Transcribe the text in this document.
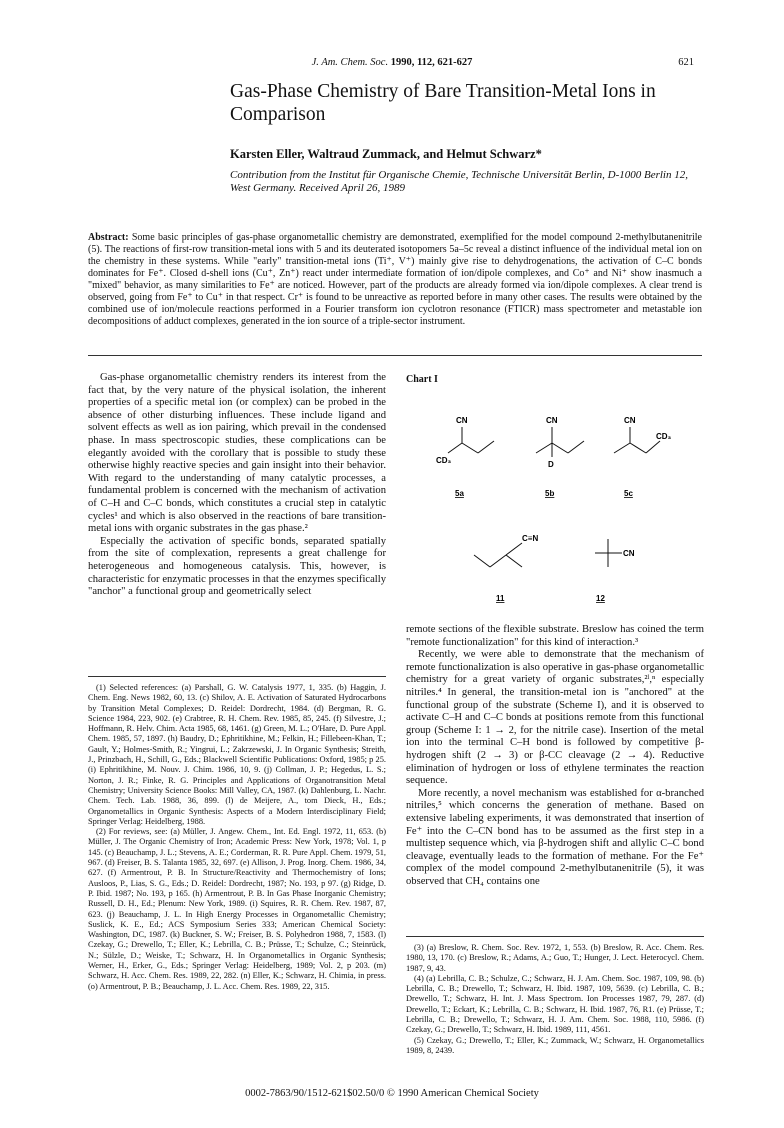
J. Am. Chem. Soc. 1990, 112, 621-627	621
Gas-Phase Chemistry of Bare Transition-Metal Ions in Comparison
Karsten Eller, Waltraud Zummack, and Helmut Schwarz*
Contribution from the Institut für Organische Chemie, Technische Universität Berlin, D-1000 Berlin 12, West Germany. Received April 26, 1989
Abstract: Some basic principles of gas-phase organometallic chemistry are demonstrated, exemplified for the model compound 2-methylbutanenitrile (5). The reactions of first-row transition-metal ions with 5 and its deuterated isotopomers 5a–5c reveal a distinct influence of the individual metal ion on the chemistry in these systems. While "early" transition-metal ions (Ti⁺, V⁺) mainly give rise to dehydrogenations, the activation of C–C bonds dominates for Fe⁺. Closed d-shell ions (Cu⁺, Zn⁺) react under intermediate formation of ion/dipole complexes, and Co⁺ and Ni⁺ show inasmuch a "mixed" behavior, as many similarities to Fe⁺ are noticed. However, part of the products are already formed via ion/dipole complexes. A clear trend is observed, going from Fe⁺ to Cu⁺ in that respect. Cr⁺ is found to be unreactive as reported before in many other cases. The results were obtained by the combined use of ion/molecule reactions performed in a Fourier transform ion cyclotron resonance (FTICR) mass spectrometer and metastable ion decompositions of adduct complexes, generated in the ion source of a triple-sector instrument.

Gas-phase organometallic chemistry renders its interest from the fact that, by the very nature of the physical isolation, the inherent properties of a specific metal ion (or complex) can be probed in the absence of other disturbing influences. These include ligand and solvent effects as well as ion pairing, which prevail in the condensed phase. In mass spectroscopic studies, these complications can be elegantly avoided with the corollary that is possible to study these otherwise highly reactive species and gain insight into their behavior. With regard to the understanding of many catalytic processes, a fundamental problem is concerned with the mechanism of activation of C–H and C–C bonds, which constitutes a crucial step in catalytic cycles¹ and which is also observed in the reactions of bare transition-metal ions with organic substrates in the gas phase.²

Especially the activation of specific bonds, separated spatially from the site of complexation, represents a great challenge for heterogeneous and homogeneous catalysis. This, however, is characteristic for enzymatic processes in that the enzymes specifically "anchor" a functional group and geometrically select

(1) Selected references: (a) Parshall, G. W. Catalysis 1977, 1, 335. (b) Haggin, J. Chem. Eng. News 1982, 60, 13. (c) Shilov, A. E. Activation of Saturated Hydrocarbons by Transition Metal Complexes; D. Reidel: Dordrecht, 1984. (d) Bergman, R. G. Science 1984, 223, 902. (e) Crabtree, R. H. Chem. Rev. 1985, 85, 245. (f) Silvestre, J.; Hoffmann, R. Helv. Chim. Acta 1985, 68, 1461. (g) Green, M. L.; O'Hare, D. Pure Appl. Chem. 1985, 57, 1897. (h) Baudry, D.; Ephritikhine, M.; Felkin, H.; Fillebeen-Khan, T.; Gault, Y.; Holmes-Smith, R.; Yingrui, L.; Zakrzewski, J. In Organic Synthesis; Streith, J., Prinzbach, H., Schill, G., Eds.; Blackwell Scientific Publications: Oxford, 1985; p 25. (i) Ephritikhine, M. Nouv. J. Chim. 1986, 10, 9. (j) Collman, J. P.; Hegedus, L. S.; Norton, J. R.; Finke, R. G. Principles and Applications of Organotransition Metal Chemistry; University Science Books: Mill Valley, CA, 1987. (k) Dahlenburg, L. Nachr. Chem. Tech. Lab. 1988, 36, 899. (l) de Meijere, A., tom Dieck, H., Eds.; Organometallics in Organic Synthesis: Aspects of a Modern Interdisciplinary Field; Springer Verlag: Heidelberg, 1988.

(2) For reviews, see: (a) Müller, J. Angew. Chem., Int. Ed. Engl. 1972, 11, 653. (b) Müller, J. The Organic Chemistry of Iron; Academic Press: New York, 1978; Vol. 1, p 145. (c) Beauchamp, J. L.; Stevens, A. E.; Corderman, R. R. Pure Appl. Chem. 1979, 51, 967. (d) Freiser, B. S. Talanta 1985, 32, 697. (e) Allison, J. Prog. Inorg. Chem. 1986, 34, 627. (f) Armentrout, P. B. In Structure/Reactivity and Thermochemistry of Ions; Ausloos, P., Lias, S. G., Eds.; D. Reidel: Dordrecht, 1987; No. 193, p 97. (g) Ridge, D. P. Ibid. 1987; No. 193, p 165. (h) Armentrout, P. B. In Gas Phase Inorganic Chemistry; Russell, D. H., Ed.; Plenum: New York, 1989. (i) Squires, R. R. Chem. Rev. 1987, 87, 623. (j) Beauchamp, J. L. In High Energy Processes in Organometallic Chemistry; Suslick, K. E., Ed.; ACS Symposium Series 333; American Chemical Society: Washington, DC, 1987. (k) Buckner, S. W.; Freiser, B. S. Polyhedron 1988, 7, 1583. (l) Czekay, G.; Drewello, T.; Eller, K.; Lebrilla, C. B.; Prüsse, T.; Schulze, C.; Steinrück, N.; Sülzle, D.; Weiske, T.; Schwarz, H. In Organometallics in Organic Synthesis; Werner, H., Erker, G., Eds.; Springer Verlag: Heidelberg, 1989; Vol. 2, p 203. (m) Schwarz, H. Acc. Chem. Res. 1989, 22, 282. (n) Eller, K.; Schwarz, H. Chimia, in press. (o) Armentrout, P. B.; Beauchamp, J. L. Acc. Chem. Res. 1989, 22, 315.

Chart I
CN
CD₃
CN
D
CN
CD₃
5a	5b	5c
C≡N
CN
11	12

remote sections of the flexible substrate. Breslow has coined the term "remote functionalization" for this kind of interaction.³

Recently, we were able to demonstrate that the mechanism of remote functionalization is also operative in gas-phase organometallic chemistry for a great variety of organic substrates,²ˡ,ⁿ especially nitriles.⁴ In general, the transition-metal ion is "anchored" at the functional group of the substrate (Scheme I), and it is observed to activate C–H and C–C bonds at positions remote from this functional group (Scheme I: 1 → 2, for the nitrile case). Insertion of the metal ion into the terminal C–H bond is followed by competitive β-hydrogen shift (2 → 3) or β-CC cleavage (2 → 4). Reductive elimination of hydrogen or loss of ethylene terminates the reaction sequence.

More recently, a novel mechanism was established for α-branched nitriles,⁵ which concerns the generation of methane. Based on extensive labeling experiments, it was demonstrated that insertion of Fe⁺ into the C–CN bond has to be assumed as the first step in a multistep sequence which, via β-hydrogen shift and allylic C–C bond cleavage, eventually leads to the formation of methane. For the Fe⁺ complex of the model compound 2-methylbutanenitrile (5), it was observed that CH₄ contains one

(3) (a) Breslow, R. Chem. Soc. Rev. 1972, 1, 553. (b) Breslow, R. Acc. Chem. Res. 1980, 13, 170. (c) Breslow, R.; Adams, A.; Guo, T.; Hunger, J. Lect. Heterocycl. Chem. 1987, 9, 43.

(4) (a) Lebrilla, C. B.; Schulze, C.; Schwarz, H. J. Am. Chem. Soc. 1987, 109, 98. (b) Lebrilla, C. B.; Drewello, T.; Schwarz, H. Ibid. 1987, 109, 5639. (c) Lebrilla, C. B.; Drewello, T.; Schwarz, H. Int. J. Mass Spectrom. Ion Processes 1987, 79, 287. (d) Drewello, T.; Eckart, K.; Lebrilla, C. B.; Schwarz, H. Ibid. 1987, 76, R1. (e) Prüsse, T.; Lebrilla, C. B.; Drewello, T.; Schwarz, H. J. Am. Chem. Soc. 1988, 110, 5986. (f) Czekay, G.; Drewello, T.; Schwarz, H. Ibid. 1989, 111, 4561.

(5) Czekay, G.; Drewello, T.; Eller, K.; Zummack, W.; Schwarz, H. Organometallics 1989, 8, 2439.

0002-7863/90/1512-621$02.50/0 © 1990 American Chemical Society
